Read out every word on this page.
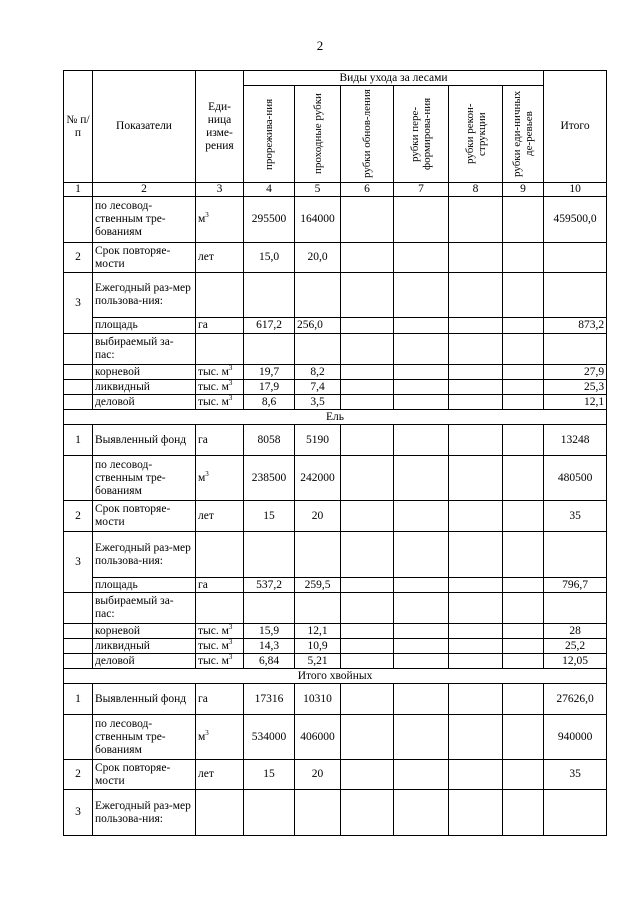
2
№ п/п	Показатели	Еди-ница изме-рения	Виды ухода за лесами						Итого

			прорежива-ния	проходные рубки	рубки обнов-ления	рубки пере-формирова-ния	рубки рекон-струкции	рубки еди-ничных де-ревьев	

1	2	3	4	5	6	7	8	9	10
	по лесовод-ственным тре-бованиям	$м^3$	295500	164000					459500,0
2	Срок повторяе-мости	лет	15,0	20,0					
3	Ежегодный раз-мер пользова-ния:								
	площадь	га	617,2	256,0					873,2
	выбираемый за-пас:								
	корневой	тыс. $м^3$	19,7	8,2					27,9
	ликвидный	тыс. $м^3$	17,9	7,4					25,3
	деловой	тыс. $м^3$	8,6	3,5					12,1
Ель									
1	Выявленный фонд	га	8058	5190					13248
	по лесовод-ственным тре-бованиям	$м^3$	238500	242000					480500
2	Срок повторяе-мости	лет	15	20					35
3	Ежегодный раз-мер пользова-ния:								
	площадь	га	537,2	259,5					796,7
	выбираемый за-пас:								
	корневой	тыс. $м^3$	15,9	12,1					28
	ликвидный	тыс. $м^3$	14,3	10,9					25,2
	деловой	тыс. $м^3$	6,84	5,21					12,05
Итого хвойных									
1	Выявленный фонд	га	17316	10310					27626,0
	по лесовод-ственным тре-бованиям	$м^3$	534000	406000					940000
2	Срок повторяе-мости	лет	15	20					35
3	Ежегодный раз-мер пользова-ния:								
